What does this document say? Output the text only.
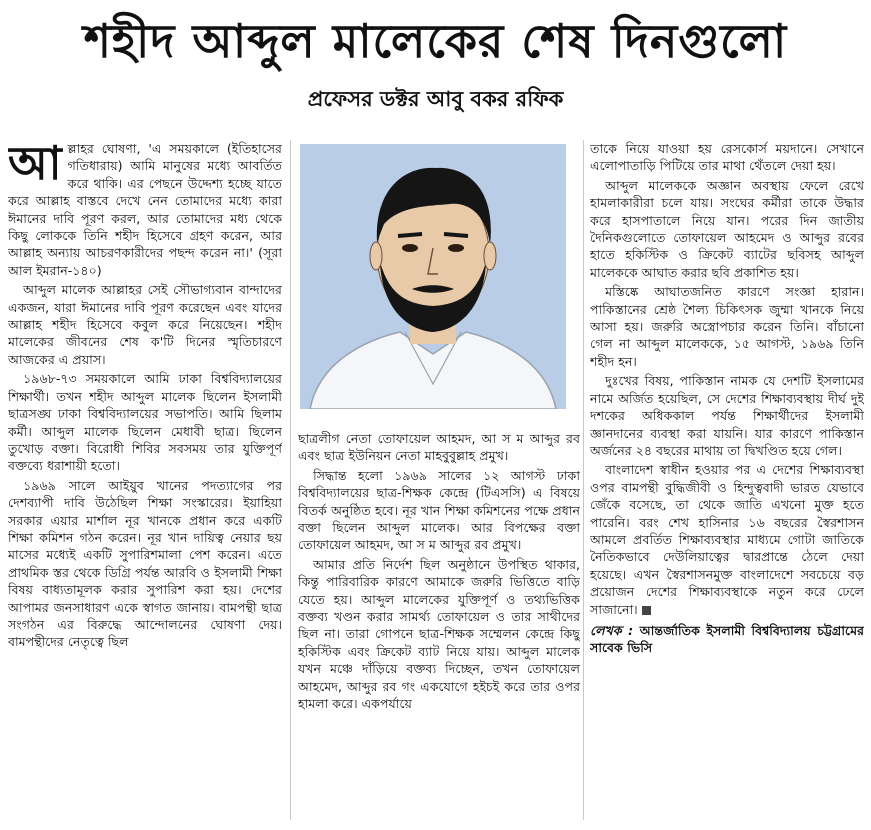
শহীদ আব্দুল মালেকের শেষ দিনগুলো
প্রফেসর ডক্টর আবু বকর রফিক

আল্লাহর ঘোষণা, 'এ সময়কালে (ইতিহাসের গতিধারায়) আমি মানুষের মধ্যে আবর্তিত করে থাকি। এর পেছনে উদ্দেশ্য হচ্ছে যাতে করে আল্লাহ বাস্তবে দেখে নেন তোমাদের মধ্যে কারা ঈমানের দাবি পূরণ করল, আর তোমাদের মধ্য থেকে কিছু লোককে তিনি শহীদ হিসেবে গ্রহণ করেন, আর আল্লাহ অন্যায় আচরণকারীদের পছন্দ করেন না।' (সূরা আল ইমরান-১৪০)

আব্দুল মালেক আল্লাহর সেই সৌভাগ্যবান বান্দাদের একজন, যারা ঈমানের দাবি পূরণ করেছেন এবং যাদের আল্লাহ শহীদ হিসেবে কবুল করে নিয়েছেন। শহীদ মালেকের জীবনের শেষ ক'টি দিনের স্মৃতিচারণে আজকের এ প্রয়াস।

১৯৬৮-৭৩ সময়কালে আমি ঢাকা বিশ্ববিদ্যালয়ের শিক্ষার্থী। তখন শহীদ আব্দুল মালেক ছিলেন ইসলামী ছাত্রসঙ্ঘ ঢাকা বিশ্ববিদ্যালয়ের সভাপতি। আমি ছিলাম কর্মী। আব্দুল মালেক ছিলেন মেধাবী ছাত্র। ছিলেন তুখোড় বক্তা। বিরোধী শিবির সবসময় তার যুক্তিপূর্ণ বক্তব্যে ধরাশায়ী হতো।

১৯৬৯ সালে আইয়ুব খানের পদত্যাগের পর দেশব্যাপী দাবি উঠেছিল শিক্ষা সংস্কারের। ইয়াহিয়া সরকার এয়ার মার্শাল নূর খানকে প্রধান করে একটি শিক্ষা কমিশন গঠন করেন। নূর খান দায়িত্ব নেয়ার ছয় মাসের মধ্যেই একটি সুপারিশমালা পেশ করেন। এতে প্রাথমিক স্তর থেকে ডিগ্রি পর্যন্ত আরবি ও ইসলামী শিক্ষা বিষয় বাধ্যতামূলক করার সুপারিশ করা হয়। দেশের আপামর জনসাধারণ একে স্বাগত জানায়। বামপন্থী ছাত্র সংগঠন এর বিরুদ্ধে আন্দোলনের ঘোষণা দেয়। বামপন্থীদের নেতৃত্বে ছিল

ছাত্রলীগ নেতা তোফায়েল আহমদ, আ স ম আব্দুর রব এবং ছাত্র ইউনিয়ন নেতা মাহবুবুল্লাহ প্রমুখ।

সিদ্ধান্ত হলো ১৯৬৯ সালের ১২ আগস্ট ঢাকা বিশ্ববিদ্যালয়ের ছাত্র-শিক্ষক কেন্দ্রে (টিএসসি) এ বিষয়ে বিতর্ক অনুষ্ঠিত হবে। নূর খান শিক্ষা কমিশনের পক্ষে প্রধান বক্তা ছিলেন আব্দুল মালেক। আর বিপক্ষের বক্তা তোফায়েল আহমদ, আ স ম আব্দুর রব প্রমুখ।

আমার প্রতি নির্দেশ ছিল অনুষ্ঠানে উপস্থিত থাকার, কিন্তু পারিবারিক কারণে আমাকে জরুরি ভিত্তিতে বাড়ি যেতে হয়। আব্দুল মালেকের যুক্তিপূর্ণ ও তথ্যভিত্তিক বক্তব্য খণ্ডন করার সামর্থ্য তোফায়েল ও তার সাথীদের ছিল না। তারা গোপনে ছাত্র-শিক্ষক সম্মেলন কেন্দ্রে কিছু হকিস্টিক এবং ক্রিকেট ব্যাট নিয়ে যায়। আব্দুল মালেক যখন মঞ্চে দাঁড়িয়ে বক্তব্য দিচ্ছেন, তখন তোফায়েল আহমেদ, আব্দুর রব গং একযোগে হইচই করে তার ওপর হামলা করে। একপর্যায়ে

তাকে নিয়ে যাওয়া হয় রেসকোর্স ময়দানে। সেখানে এলোপাতাড়ি পিটিয়ে তার মাথা থেঁতলে দেয়া হয়।

আব্দুল মালেককে অজ্ঞান অবস্থায় ফেলে রেখে হামলাকারীরা চলে যায়। সংঘের কর্মীরা তাকে উদ্ধার করে হাসপাতালে নিয়ে যান। পরের দিন জাতীয় দৈনিকগুলোতে তোফায়েল আহমেদ ও আব্দুর রবের হাতে হকিস্টিক ও ক্রিকেট ব্যাটের ছবিসহ আব্দুল মালেককে আঘাত করার ছবি প্রকাশিত হয়।

মস্তিষ্কে আঘাতজনিত কারণে সংজ্ঞা হারান। পাকিস্তানের শ্রেষ্ঠ শৈল্য চিকিৎসক জুম্মা খানকে নিয়ে আসা হয়। জরুরি অস্ত্রোপচার করেন তিনি। বাঁচানো গেল না আব্দুল মালেককে, ১৫ আগস্ট, ১৯৬৯ তিনি শহীদ হন।

দুঃখের বিষয়, পাকিস্তান নামক যে দেশটি ইসলামের নামে অর্জিত হয়েছিল, সে দেশের শিক্ষাব্যবস্থায় দীর্ঘ দুই দশকের অধিককাল পর্যন্ত শিক্ষার্থীদের ইসলামী জ্ঞানদানের ব্যবস্থা করা যায়নি। যার কারণে পাকিস্তান অর্জনের ২৪ বছরের মাথায় তা দ্বিখণ্ডিত হয়ে গেল।

বাংলাদেশ স্বাধীন হওয়ার পর এ দেশের শিক্ষাব্যবস্থা ওপর বামপন্থী বুদ্ধিজীবী ও হিন্দুত্ববাদী ভারত যেভাবে জেঁকে বসেছে, তা থেকে জাতি এখনো মুক্ত হতে পারেনি। বরং শেখ হাসিনার ১৬ বছরের স্বৈরশাসন আমলে প্রবর্তিত শিক্ষাব্যবস্থার মাধ্যমে গোটা জাতিকে নৈতিকভাবে দেউলিয়াত্বের দ্বারপ্রান্তে ঠেলে দেয়া হয়েছে। এখন স্বৈরশাসনমুক্ত বাংলাদেশে সবচেয়ে বড় প্রয়োজন দেশের শিক্ষাব্যবস্থাকে নতুন করে ঢেলে সাজানো।

লেখক : আন্তর্জাতিক ইসলামী বিশ্ববিদ্যালয় চট্টগ্রামের সাবেক ভিসি
